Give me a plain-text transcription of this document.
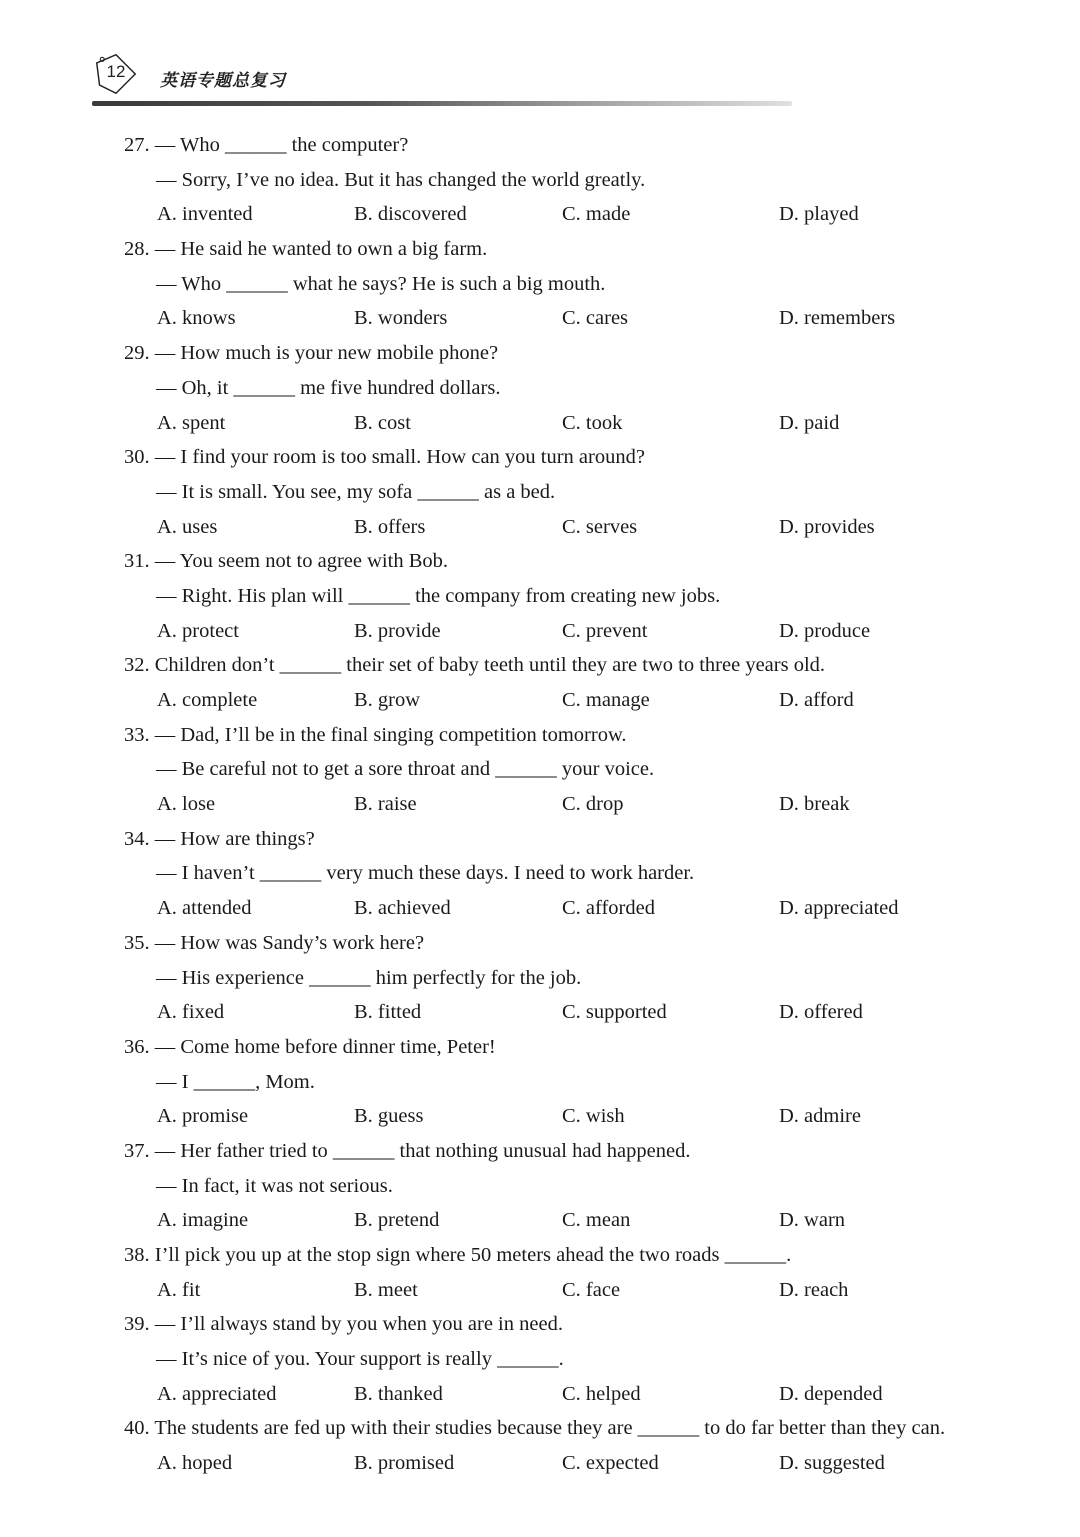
12	英语专题总复习
27. — Who ______ the computer?
— Sorry, I’ve no idea. But it has changed the world greatly.
A. invented	B. discovered	C. made	D. played
28. — He said he wanted to own a big farm.
— Who ______ what he says? He is such a big mouth.
A. knows	B. wonders	C. cares	D. remembers
29. — How much is your new mobile phone?
— Oh, it ______ me five hundred dollars.
A. spent	B. cost	C. took	D. paid
30. — I find your room is too small. How can you turn around?
— It is small. You see, my sofa ______ as a bed.
A. uses	B. offers	C. serves	D. provides
31. — You seem not to agree with Bob.
— Right. His plan will ______ the company from creating new jobs.
A. protect	B. provide	C. prevent	D. produce
32. Children don’t ______ their set of baby teeth until they are two to three years old.
A. complete	B. grow	C. manage	D. afford
33. — Dad, I’ll be in the final singing competition tomorrow.
— Be careful not to get a sore throat and ______ your voice.
A. lose	B. raise	C. drop	D. break
34. — How are things?
— I haven’t ______ very much these days. I need to work harder.
A. attended	B. achieved	C. afforded	D. appreciated
35. — How was Sandy’s work here?
— His experience ______ him perfectly for the job.
A. fixed	B. fitted	C. supported	D. offered
36. — Come home before dinner time, Peter!
— I ______, Mom.
A. promise	B. guess	C. wish	D. admire
37. — Her father tried to ______ that nothing unusual had happened.
— In fact, it was not serious.
A. imagine	B. pretend	C. mean	D. warn
38. I’ll pick you up at the stop sign where 50 meters ahead the two roads ______.
A. fit	B. meet	C. face	D. reach
39. — I’ll always stand by you when you are in need.
— It’s nice of you. Your support is really ______.
A. appreciated	B. thanked	C. helped	D. depended
40. The students are fed up with their studies because they are ______ to do far better than they can.
A. hoped	B. promised	C. expected	D. suggested
